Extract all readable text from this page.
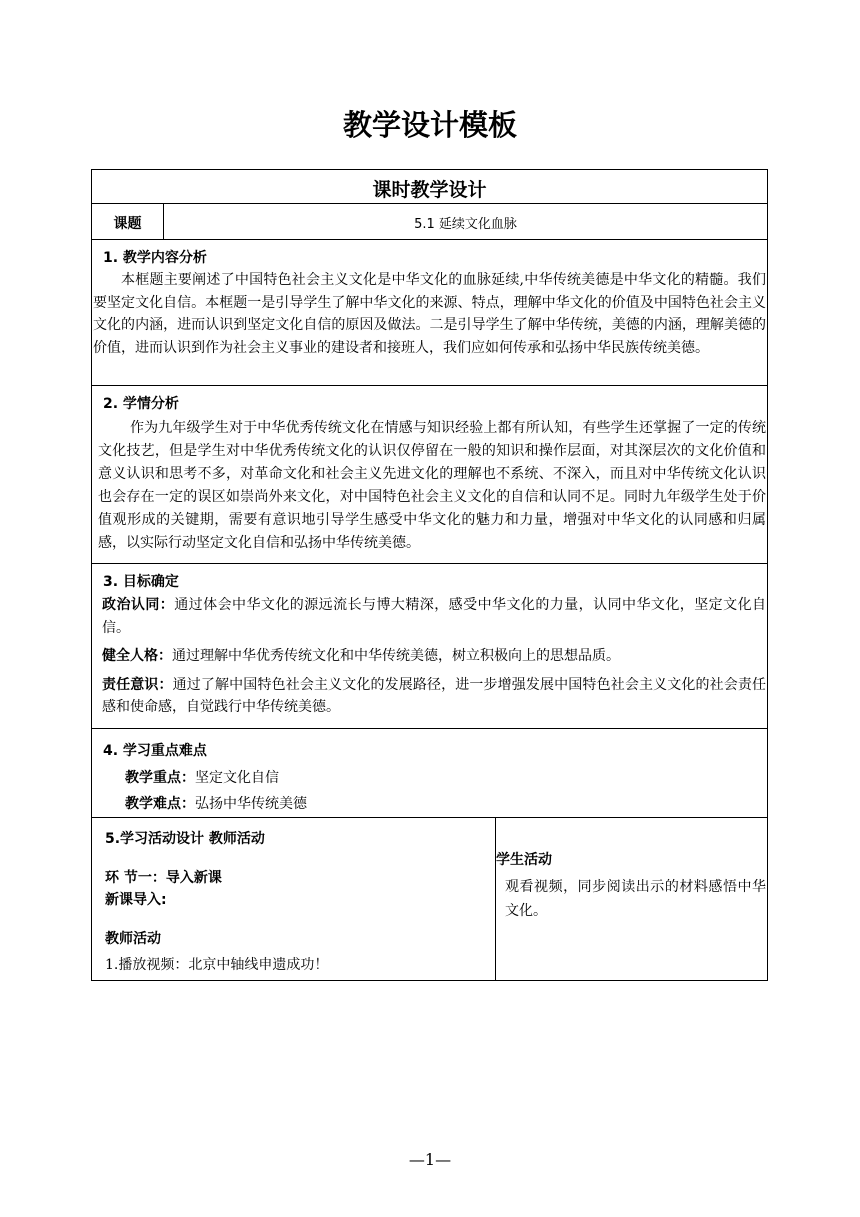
教学设计模板
课时教学设计
课题	5.1 延续文化血脉
1. 教学内容分析

本框题主要阐述了中国特色社会主义文化是中华文化的血脉延续,中华传统美德是中华文化的精髓。我们要坚定文化自信。本框题一是引导学生了解中华文化的来源、特点，理解中华文化的价值及中国特色社会主义文化的内涵，进而认识到坚定文化自信的原因及做法。二是引导学生了解中华传统，美德的内涵，理解美德的价值，进而认识到作为社会主义事业的建设者和接班人，我们应如何传承和弘扬中华民族传统美德。

2. 学情分析

作为九年级学生对于中华优秀传统文化在情感与知识经验上都有所认知，有些学生还掌握了一定的传统文化技艺，但是学生对中华优秀传统文化的认识仅停留在一般的知识和操作层面，对其深层次的文化价值和意义认识和思考不多，对革命文化和社会主义先进文化的理解也不系统、不深入，而且对中华传统文化认识也会存在一定的误区如崇尚外来文化，对中国特色社会主义文化的自信和认同不足。同时九年级学生处于价值观形成的关键期，需要有意识地引导学生感受中华文化的魅力和力量，增强对中华文化的认同感和归属感，以实际行动坚定文化自信和弘扬中华传统美德。

3. 目标确定

政治认同：通过体会中华文化的源远流长与博大精深，感受中华文化的力量，认同中华文化，坚定文化自信。

健全人格：通过理解中华优秀传统文化和中华传统美德，树立积极向上的思想品质。

责任意识：通过了解中国特色社会主义文化的发展路径，进一步增强发展中国特色社会主义文化的社会责任感和使命感，自觉践行中华传统美德。

4. 学习重点难点

教学重点：坚定文化自信

教学难点：弘扬中华传统美德

5.学习活动设计 教师活动
环 节一：导入新课
新课导入:
教师活动
1.播放视频：北京中轴线申遗成功！
学生活动

观看视频，同步阅读出示的材料感悟中华文化。

—1—
